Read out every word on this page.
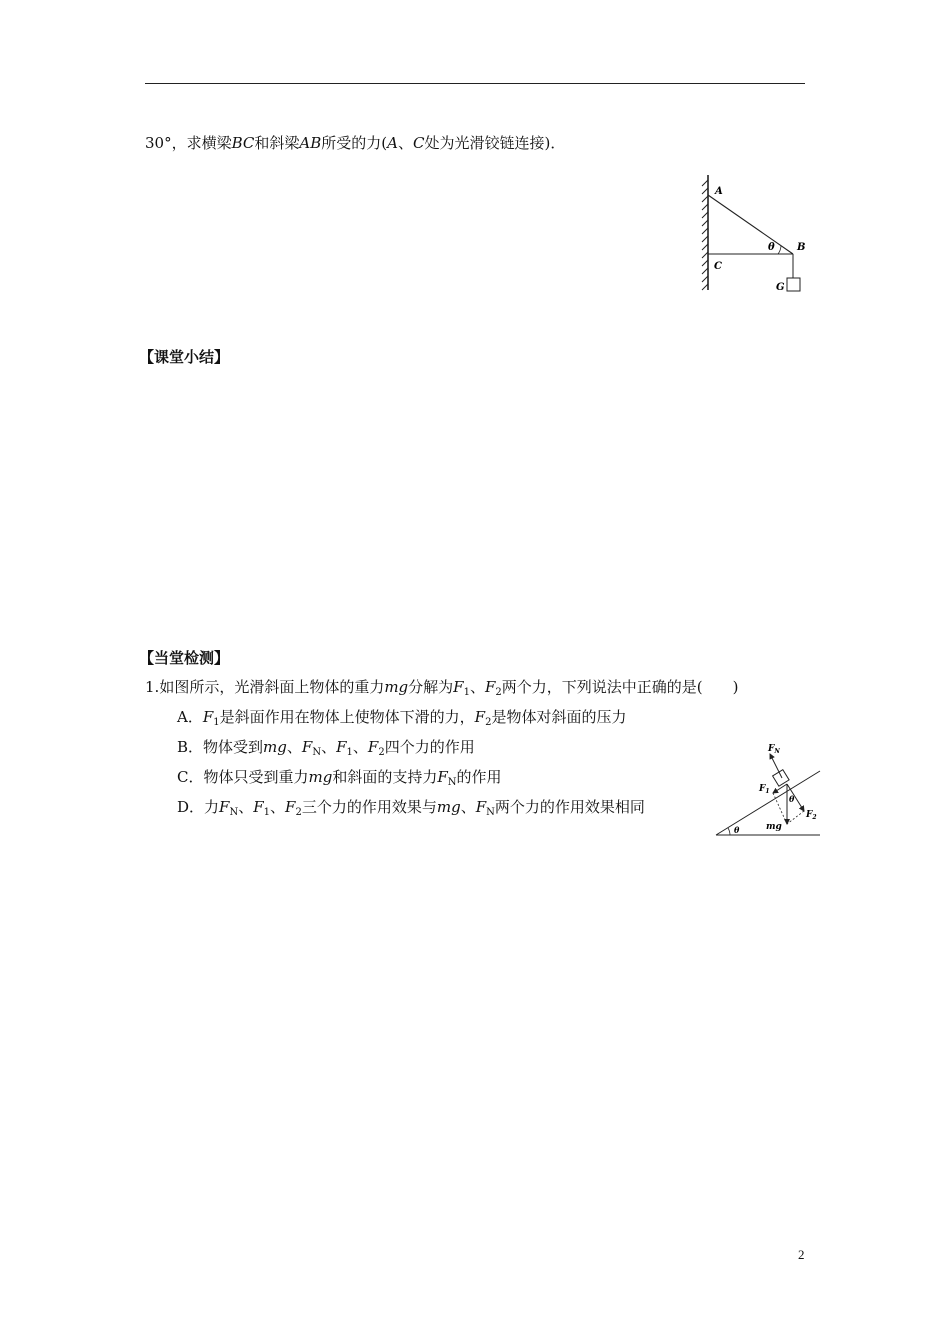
30°，求横梁BC和斜梁AB所受的力(A、C处为光滑铰链连接)．
A
B
C
G
θ
【课堂小结】
【当堂检测】
1.如图所示，光滑斜面上物体的重力mg分解为$F_1$、$F_2$两个力，下列说法中正确的是(　　)
A．$F_1$是斜面作用在物体上使物体下滑的力，$F_2$是物体对斜面的压力
B．物体受到mg、$F_N$、$F_1$、$F_2$四个力的作用
C．物体只受到重力mg和斜面的支持力$F_N$的作用
D．力$F_N$、$F_1$、$F_2$三个力的作用效果与mg、$F_N$两个力的作用效果相同
$F_N$
$F_1$
$F_2$
mg
θ
θ
2
